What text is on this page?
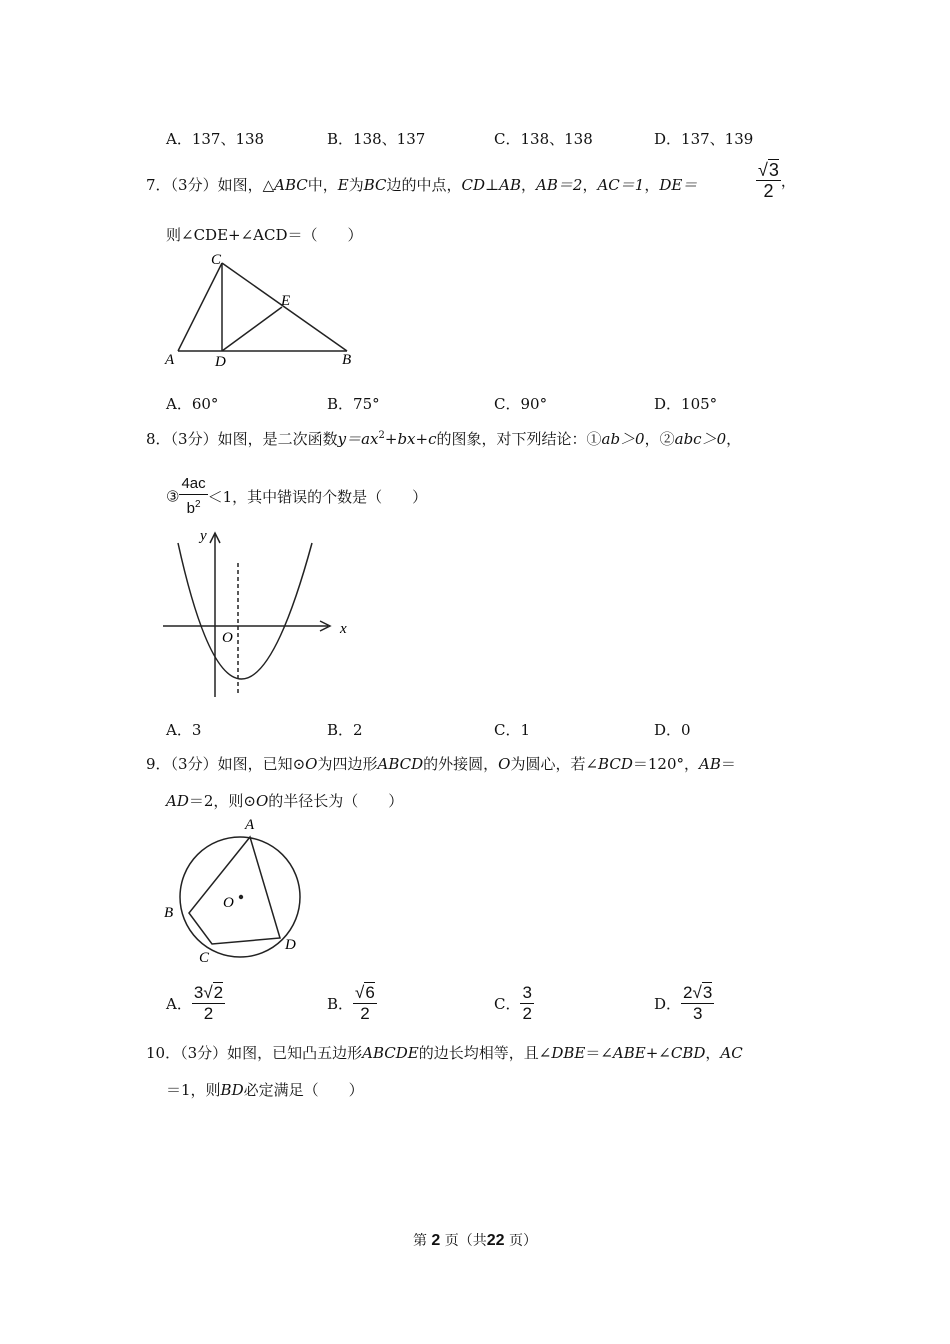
A．137、138	B．138、137	C．138、138	D．137、139
7．（3分）如图，△ABC中，E为BC边的中点，CD⊥AB，AB＝2，AC＝1，DE＝	$\frac{√3}{2}$ ，
则∠CDE+∠ACD＝（　　）
C
E
A	D	B
A．60°	B．75°	C．90°	D．105°
8．（3分）如图，是二次函数$y=ax^2+bx+c$的图象，对下列结论：①ab＞0，②abc＞0，
③ $\frac{4ac}{b^2} <1$，其中错误的个数是（　　）
y
x
O
A．3	B．2	C．1	D．0
9．（3分）如图，已知⊙O为四边形ABCD的外接圆，O为圆心，若∠BCD＝120°，AB＝
AD＝2，则⊙O的半径长为（　　）
A
B
O
C
D
A． $\frac{3√2}{2}$	B． $\frac{√6}{2}$	C． $\frac{3}{2}$	D． $\frac{2√3}{3}$
10．（3分）如图，已知凸五边形ABCDE的边长均相等，且∠DBE＝∠ABE+∠CBD，AC
＝1，则BD必定满足（　　）
第 2 页（共22 页）
